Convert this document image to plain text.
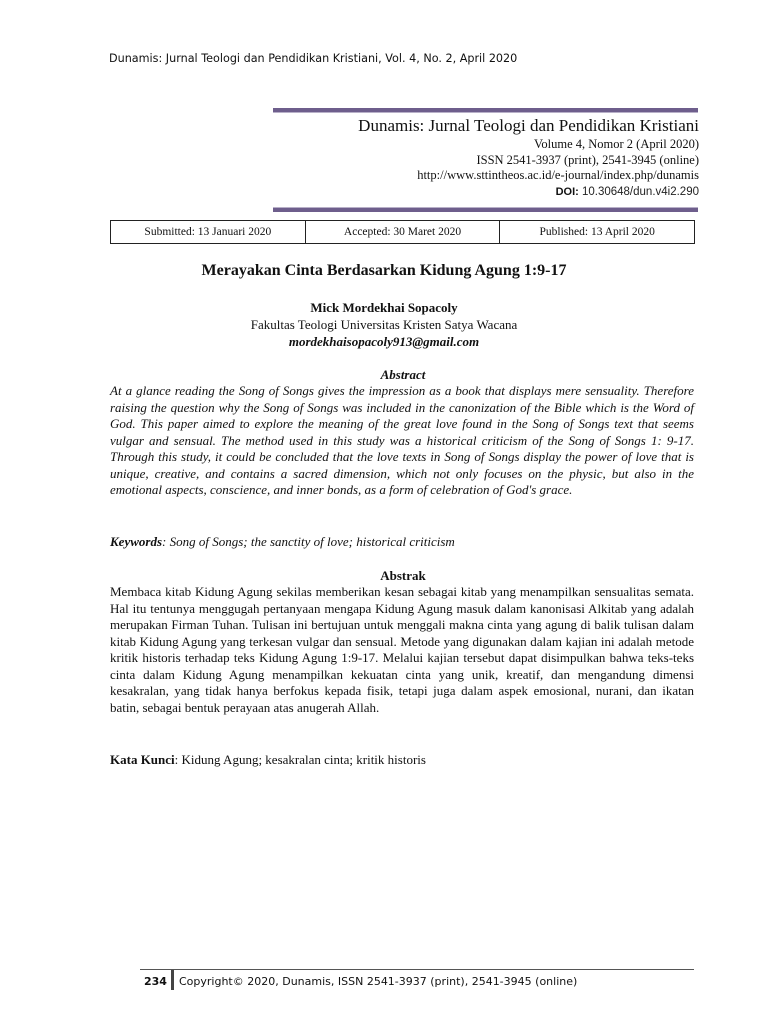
Dunamis: Jurnal Teologi dan Pendidikan Kristiani, Vol. 4, No. 2, April 2020
Dunamis: Jurnal Teologi dan Pendidikan Kristiani
Volume 4, Nomor 2 (April 2020)
ISSN 2541-3937 (print), 2541-3945 (online)
http://www.sttintheos.ac.id/e-journal/index.php/dunamis
DOI: 10.30648/dun.v4i2.290
Submitted: 13 Januari 2020	Accepted: 30 Maret 2020	Published: 13 April 2020
Merayakan Cinta Berdasarkan Kidung Agung 1:9-17
Mick Mordekhai Sopacoly
Fakultas Teologi Universitas Kristen Satya Wacana
mordekhaisopacoly913@gmail.com
Abstract

At a glance reading the Song of Songs gives the impression as a book that displays mere sensuality. Therefore raising the question why the Song of Songs was included in the canonization of the Bible which is the Word of God. This paper aimed to explore the meaning of the great love found in the Song of Songs text that seems vulgar and sensual. The method used in this study was a historical criticism of the Song of Songs 1: 9-17. Through this study, it could be concluded that the love texts in Song of Songs display the power of love that is unique, creative, and contains a sacred dimension, which not only focuses on the physic, but also in the emotional aspects, conscience, and inner bonds, as a form of celebration of God's grace.

Keywords: Song of Songs; the sanctity of love; historical criticism
Abstrak

Membaca kitab Kidung Agung sekilas memberikan kesan sebagai kitab yang menampilkan sensualitas semata. Hal itu tentunya menggugah pertanyaan mengapa Kidung Agung masuk dalam kanonisasi Alkitab yang adalah merupakan Firman Tuhan. Tulisan ini bertujuan untuk menggali makna cinta yang agung di balik tulisan dalam kitab Kidung Agung yang terkesan vulgar dan sensual. Metode yang digunakan dalam kajian ini adalah metode kritik historis terhadap teks Kidung Agung 1:9-17. Melalui kajian tersebut dapat disimpulkan bahwa teks-teks cinta dalam Kidung Agung menampilkan kekuatan cinta yang unik, kreatif, dan mengandung dimensi kesakralan, yang tidak hanya berfokus kepada fisik, tetapi juga dalam aspek emosional, nurani, dan ikatan batin, sebagai bentuk perayaan atas anugerah Allah.

Kata Kunci: Kidung Agung; kesakralan cinta; kritik historis
234 Copyright© 2020, Dunamis, ISSN 2541-3937 (print), 2541-3945 (online)
